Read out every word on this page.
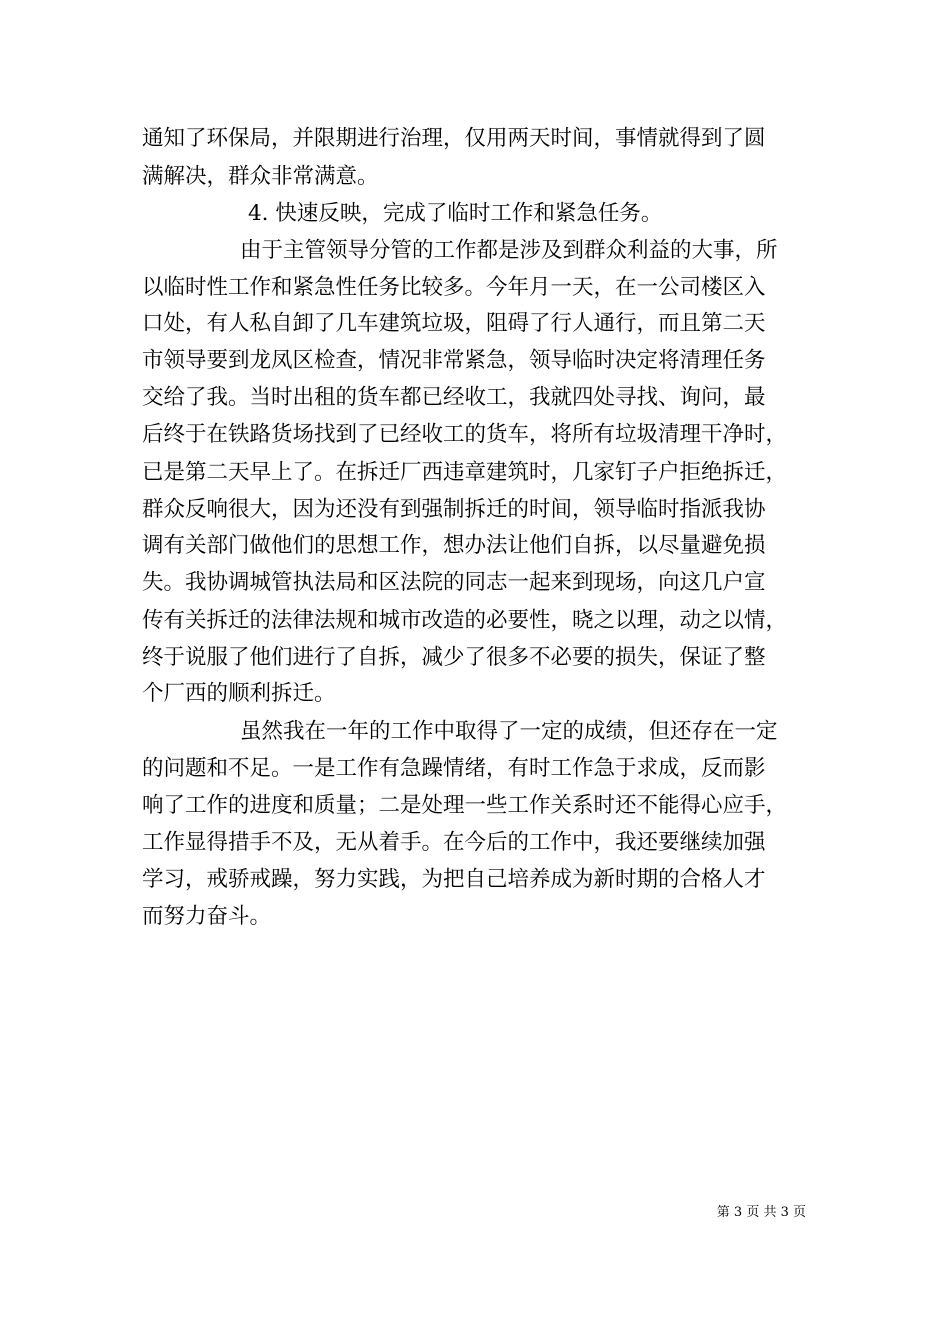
通知了环保局，并限期进行治理，仅用两天时间，事情就得到了圆
满解决，群众非常满意。
4. 快速反映，完成了临时工作和紧急任务。
由于主管领导分管的工作都是涉及到群众利益的大事，所
以临时性工作和紧急性任务比较多。今年月一天，在一公司楼区入
口处，有人私自卸了几车建筑垃圾，阻碍了行人通行，而且第二天
市领导要到龙凤区检查，情况非常紧急，领导临时决定将清理任务
交给了我。当时出租的货车都已经收工，我就四处寻找、询问，最
后终于在铁路货场找到了已经收工的货车，将所有垃圾清理干净时，
已是第二天早上了。在拆迁厂西违章建筑时，几家钉子户拒绝拆迁，
群众反响很大，因为还没有到强制拆迁的时间，领导临时指派我协
调有关部门做他们的思想工作，想办法让他们自拆，以尽量避免损
失。我协调城管执法局和区法院的同志一起来到现场，向这几户宣
传有关拆迁的法律法规和城市改造的必要性，晓之以理，动之以情，
终于说服了他们进行了自拆，减少了很多不必要的损失，保证了整
个厂西的顺利拆迁。
虽然我在一年的工作中取得了一定的成绩，但还存在一定
的问题和不足。一是工作有急躁情绪，有时工作急于求成，反而影
响了工作的进度和质量；二是处理一些工作关系时还不能得心应手，
工作显得措手不及，无从着手。在今后的工作中，我还要继续加强
学习，戒骄戒躁，努力实践，为把自己培养成为新时期的合格人才
而努力奋斗。
第 3 页 共 3 页
